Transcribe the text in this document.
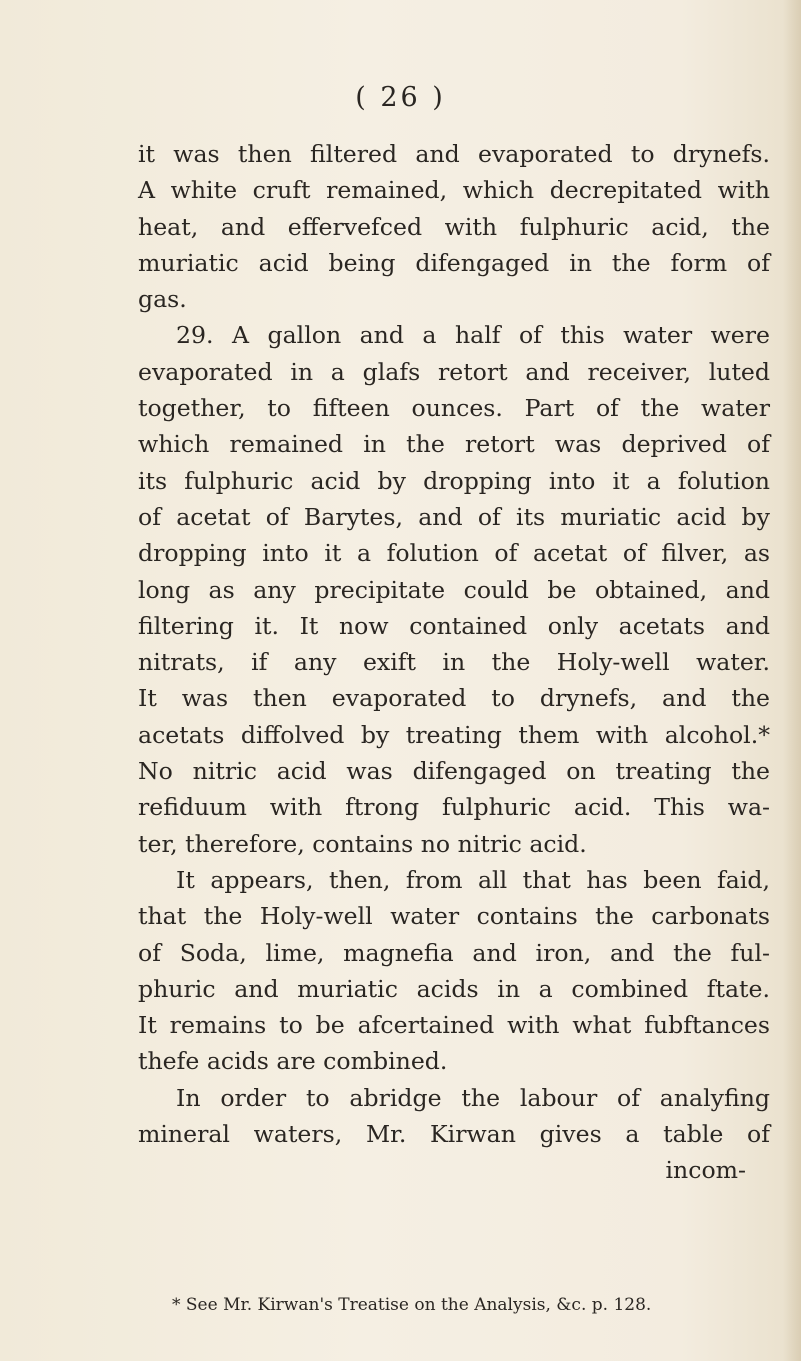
( 26 )
it was then filtered and evaporated to drynefs.
A white cruft remained, which decrepitated with
heat, and effervefced with fulphuric acid, the
muriatic acid being difengaged in the form of
gas.
29. A gallon and a half of this water were
evaporated in a glafs retort and receiver, luted
together, to fifteen ounces. Part of the water
which remained in the retort was deprived of
its fulphuric acid by dropping into it a folution
of acetat of Barytes, and of its muriatic acid by
dropping into it a folution of acetat of filver, as
long as any precipitate could be obtained, and
filtering it. It now contained only acetats and
nitrats, if any exift in the Holy-well water.
It was then evaporated to drynefs, and the
acetats diffolved by treating them with alcohol.*
No nitric acid was difengaged on treating the
refiduum with ftrong fulphuric acid. This wa-
ter, therefore, contains no nitric acid.
It appears, then, from all that has been faid,
that the Holy-well water contains the carbonats
of Soda, lime, magnefia and iron, and the ful-
phuric and muriatic acids in a combined ftate.
It remains to be afcertained with what fubftances
thefe acids are combined.
In order to abridge the labour of analyfing
mineral waters, Mr. Kirwan gives a table of
incom-
* See Mr. Kirwan's Treatise on the Analysis, &c. p. 128.
